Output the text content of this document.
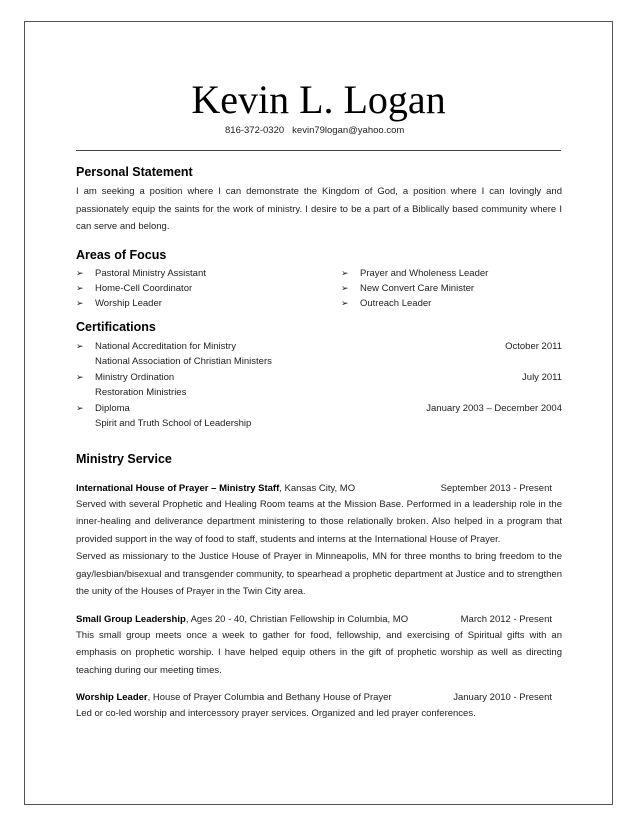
Kevin L. Logan
816-372-0320 kevin79logan@yahoo.com
Personal Statement

I am seeking a position where I can demonstrate the Kingdom of God, a position where I can lovingly and passionately equip the saints for the work of ministry. I desire to be a part of a Biblically based community where I can serve and belong.

Areas of Focus
➢ Pastoral Ministry Assistant
➢ Home-Cell Coordinator
➢ Worship Leader
➢ Prayer and Wholeness Leader
➢ New Convert Care Minister
➢ Outreach Leader
Certifications
➢ National Accreditation for Ministry	October 2011
National Association of Christian Ministers
➢ Ministry Ordination	July 2011
Restoration Ministries
➢ Diploma	January 2003 – December 2004
Spirit and Truth School of Leadership
Ministry Service
International House of Prayer – Ministry Staff, Kansas City, MO	September 2013 - Present

Served with several Prophetic and Healing Room teams at the Mission Base. Performed in a leadership role in the inner-healing and deliverance department ministering to those relationally broken. Also helped in a program that provided support in the way of food to staff, students and interns at the International House of Prayer.

Served as missionary to the Justice House of Prayer in Minneapolis, MN for three months to bring freedom to the gay/lesbian/bisexual and transgender community, to spearhead a prophetic department at Justice and to strengthen the unity of the Houses of Prayer in the Twin City area.

Small Group Leadership, Ages 20 - 40, Christian Fellowship in Columbia, MO	March 2012 - Present

This small group meets once a week to gather for food, fellowship, and exercising of Spiritual gifts with an emphasis on prophetic worship. I have helped equip others in the gift of prophetic worship as well as directing teaching during our meeting times.

Worship Leader, House of Prayer Columbia and Bethany House of Prayer	January 2010 - Present

Led or co-led worship and intercessory prayer services. Organized and led prayer conferences.
